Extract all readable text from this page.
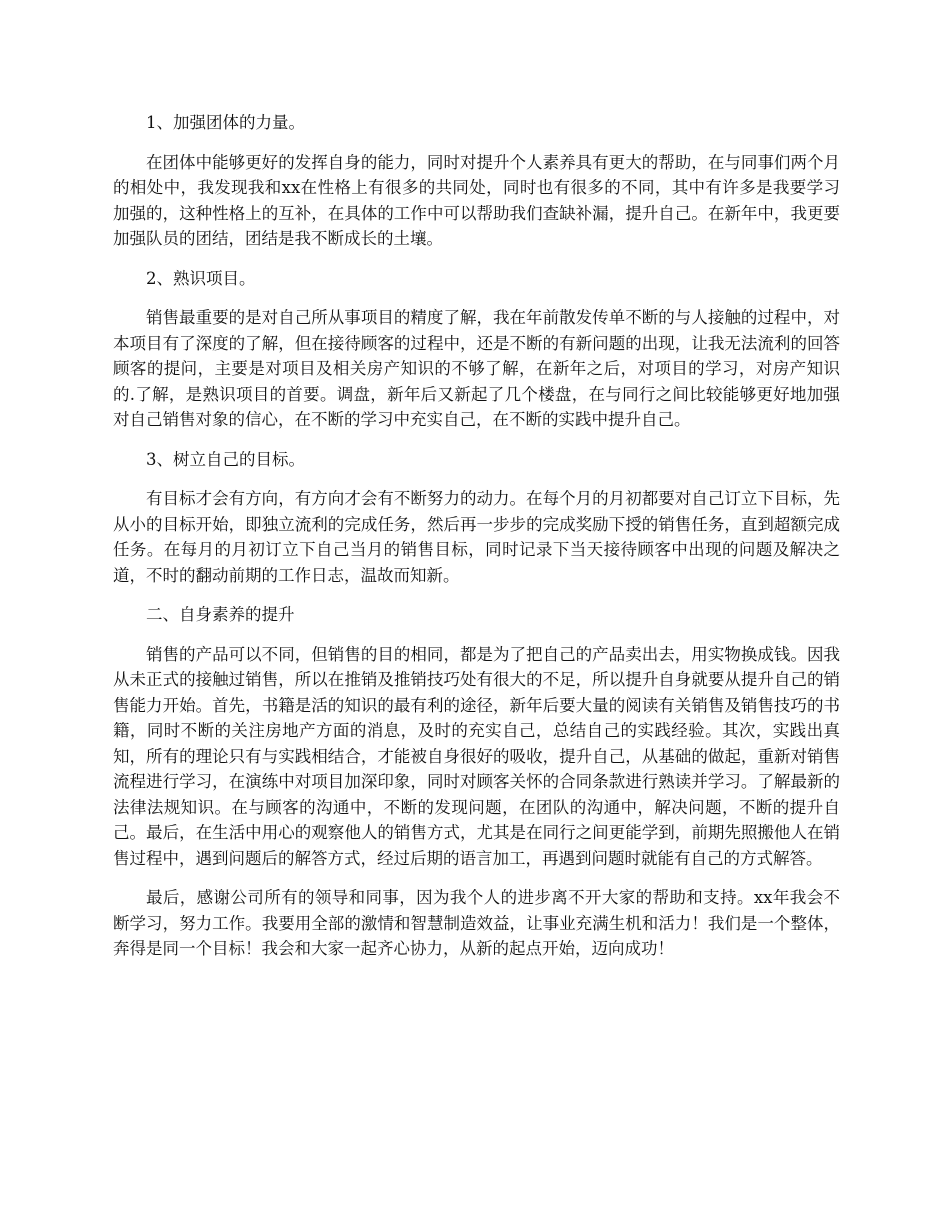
1、加强团体的力量。

在团体中能够更好的发挥自身的能力，同时对提升个人素养具有更大的帮助，在与同事们两个月的相处中，我发现我和xx在性格上有很多的共同处，同时也有很多的不同，其中有许多是我要学习加强的，这种性格上的互补，在具体的工作中可以帮助我们查缺补漏，提升自己。在新年中，我更要加强队员的团结，团结是我不断成长的土壤。

2、熟识项目。

销售最重要的是对自己所从事项目的精度了解，我在年前散发传单不断的与人接触的过程中，对本项目有了深度的了解，但在接待顾客的过程中，还是不断的有新问题的出现，让我无法流利的回答顾客的提问，主要是对项目及相关房产知识的不够了解，在新年之后，对项目的学习，对房产知识的.了解，是熟识项目的首要。调盘，新年后又新起了几个楼盘，在与同行之间比较能够更好地加强对自己销售对象的信心，在不断的学习中充实自己，在不断的实践中提升自己。

3、树立自己的目标。

有目标才会有方向，有方向才会有不断努力的动力。在每个月的月初都要对自己订立下目标，先从小的目标开始，即独立流利的完成任务，然后再一步步的完成奖励下授的销售任务，直到超额完成任务。在每月的月初订立下自己当月的销售目标，同时记录下当天接待顾客中出现的问题及解决之道，不时的翻动前期的工作日志，温故而知新。

二、自身素养的提升

销售的产品可以不同，但销售的目的相同，都是为了把自己的产品卖出去，用实物换成钱。因我从未正式的接触过销售，所以在推销及推销技巧处有很大的不足，所以提升自身就要从提升自己的销售能力开始。首先，书籍是活的知识的最有利的途径，新年后要大量的阅读有关销售及销售技巧的书籍，同时不断的关注房地产方面的消息，及时的充实自己，总结自己的实践经验。其次，实践出真知，所有的理论只有与实践相结合，才能被自身很好的吸收，提升自己，从基础的做起，重新对销售流程进行学习，在演练中对项目加深印象，同时对顾客关怀的合同条款进行熟读并学习。了解最新的法律法规知识。在与顾客的沟通中，不断的发现问题，在团队的沟通中，解决问题，不断的提升自己。最后，在生活中用心的观察他人的销售方式，尤其是在同行之间更能学到，前期先照搬他人在销售过程中，遇到问题后的解答方式，经过后期的语言加工，再遇到问题时就能有自己的方式解答。

最后，感谢公司所有的领导和同事，因为我个人的进步离不开大家的帮助和支持。xx年我会不断学习，努力工作。我要用全部的激情和智慧制造效益，让事业充满生机和活力！我们是一个整体，奔得是同一个目标！我会和大家一起齐心协力，从新的起点开始，迈向成功！
